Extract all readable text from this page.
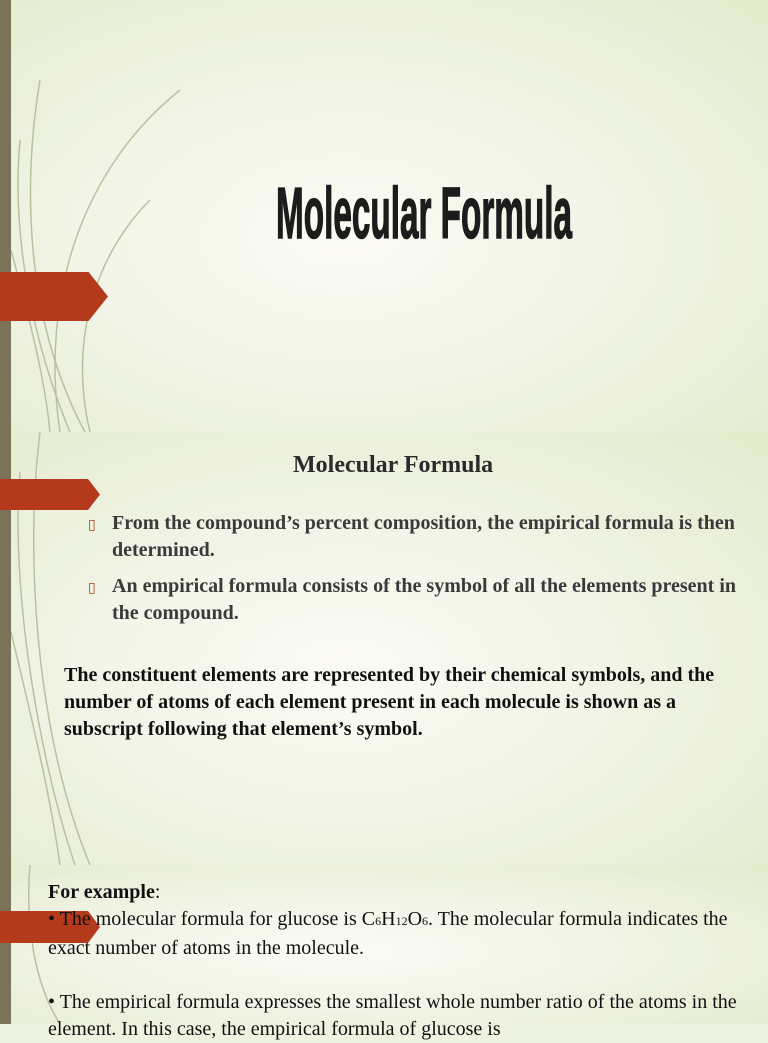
Molecular Formula
Molecular Formula
▯ From the compound’s percent composition, the empirical formula is then determined.
▯ An empirical formula consists of the symbol of all the elements present in the compound.

The constituent elements are represented by their chemical symbols, and the number of atoms of each element present in each molecule is shown as a subscript following that element’s symbol.

For example:

• The molecular formula for glucose is C6H12O6. The molecular formula indicates the exact number of atoms in the molecule.

• The empirical formula expresses the smallest whole number ratio of the atoms in the element. In this case, the empirical formula of glucose is
